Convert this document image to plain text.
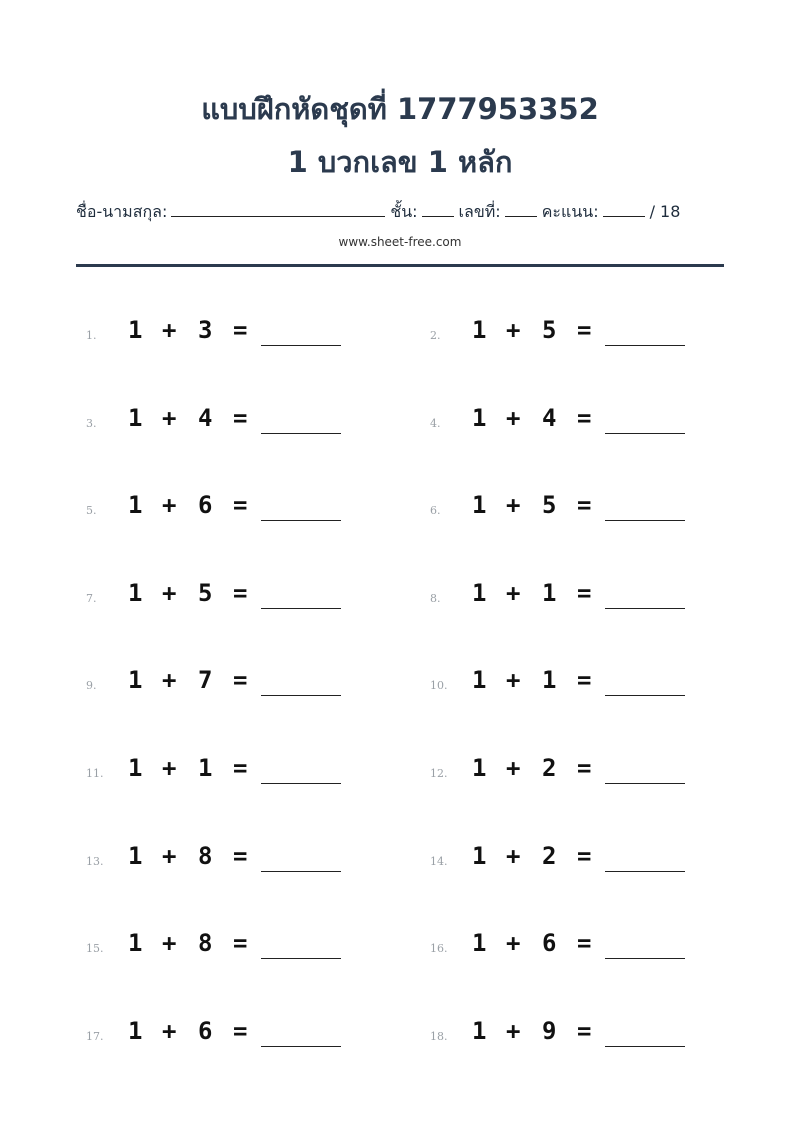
แบบฝึกหัดชุดที่ 1777953352
1 บวกเลข 1 หลัก
ชื่อ-นามสกุล:	ชั้น:	เลขที่:	คะแนน:	/ 18
www.sheet-free.com
1. 1 + 3 =	2. 1 + 5 =
3. 1 + 4 =	4. 1 + 4 =
5. 1 + 6 =	6. 1 + 5 =
7. 1 + 5 =	8. 1 + 1 =
9. 1 + 7 =	10. 1 + 1 =
11. 1 + 1 =	12. 1 + 2 =
13. 1 + 8 =	14. 1 + 2 =
15. 1 + 8 =	16. 1 + 6 =
17. 1 + 6 =	18. 1 + 9 =
